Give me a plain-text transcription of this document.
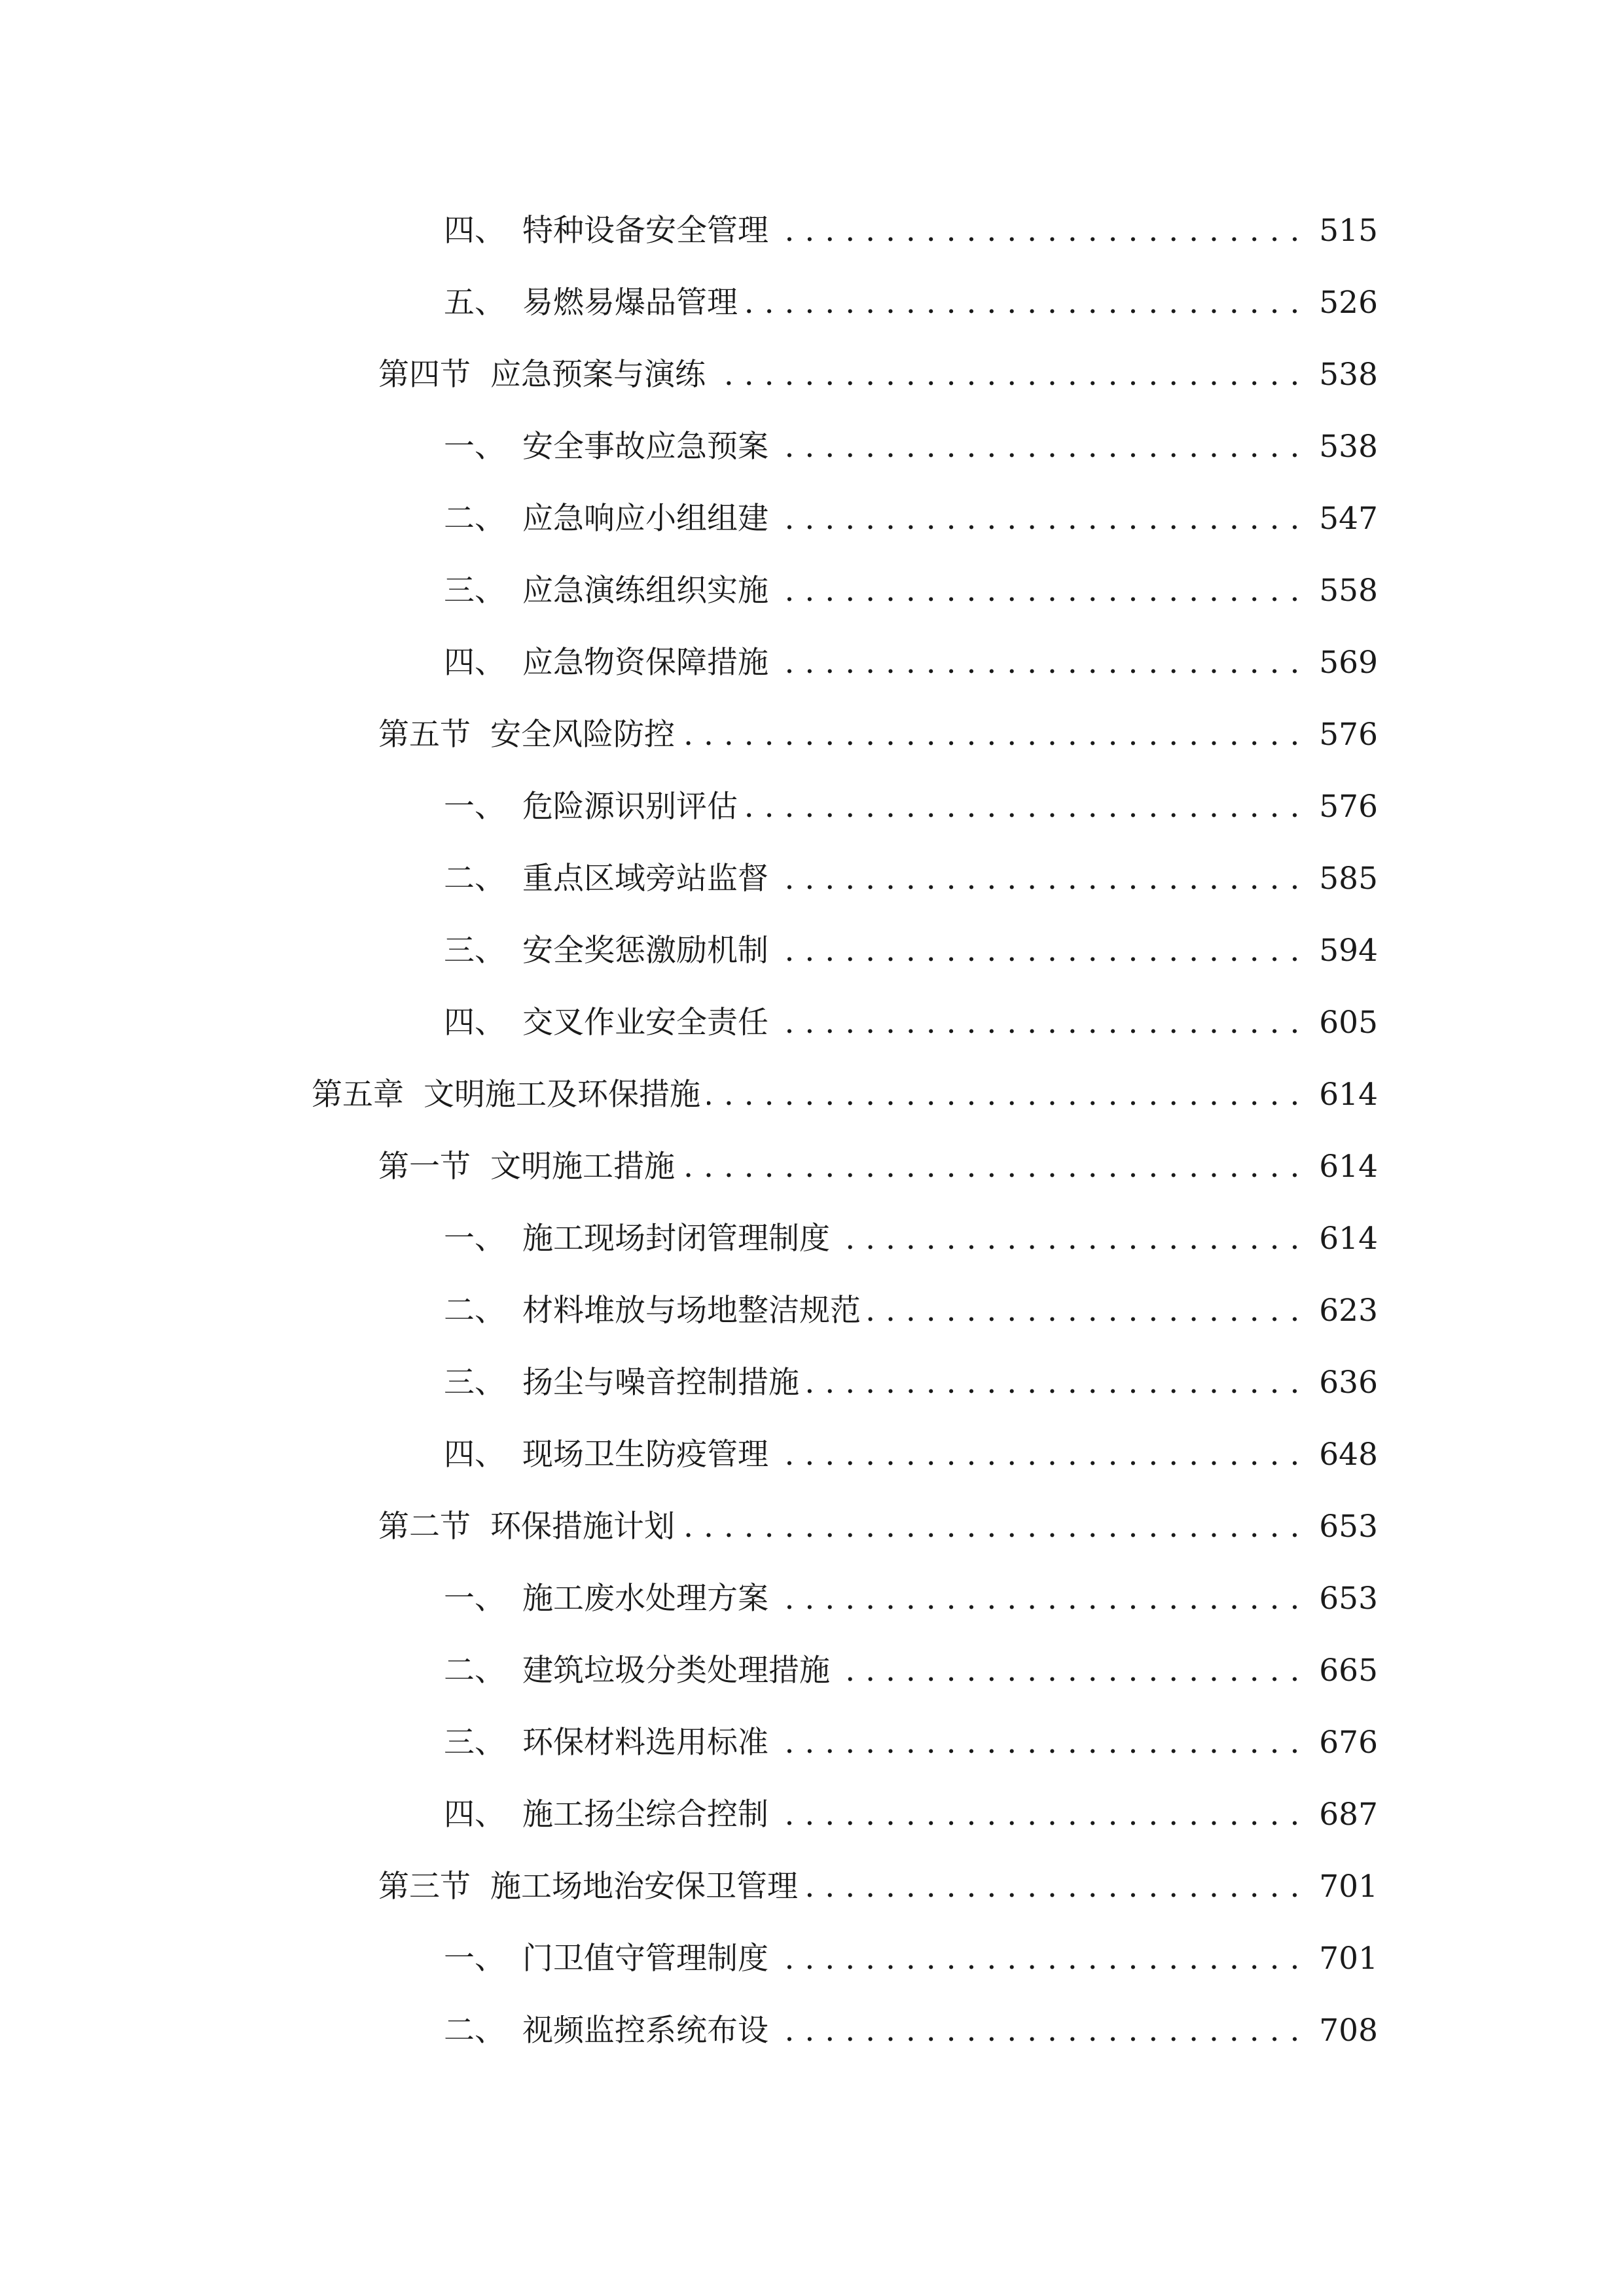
四、 特种设备安全管理 . . .	515
五、 易燃易爆品管理 . . .	526
第四节 应急预案与演练 . . .	538
一、 安全事故应急预案 . . .	538
二、 应急响应小组组建 . . .	547
三、 应急演练组织实施 . . .	558
四、 应急物资保障措施 . . .	569
第五节 安全风险防控 . . .	576
一、 危险源识别评估 . . .	576
二、 重点区域旁站监督 . . .	585
三、 安全奖惩激励机制 . . .	594
四、 交叉作业安全责任 . . .	605
第五章 文明施工及环保措施 . . .	614
第一节 文明施工措施 . . .	614
一、 施工现场封闭管理制度 . . .	614
二、 材料堆放与场地整洁规范 . . .	623
三、 扬尘与噪音控制措施 . . .	636
四、 现场卫生防疫管理 . . .	648
第二节 环保措施计划 . . .	653
一、 施工废水处理方案 . . .	653
二、 建筑垃圾分类处理措施 . . .	665
三、 环保材料选用标准 . . .	676
四、 施工扬尘综合控制 . . .	687
第三节 施工场地治安保卫管理 . . .	701
一、 门卫值守管理制度 . . .	701
二、 视频监控系统布设 . . .	708
